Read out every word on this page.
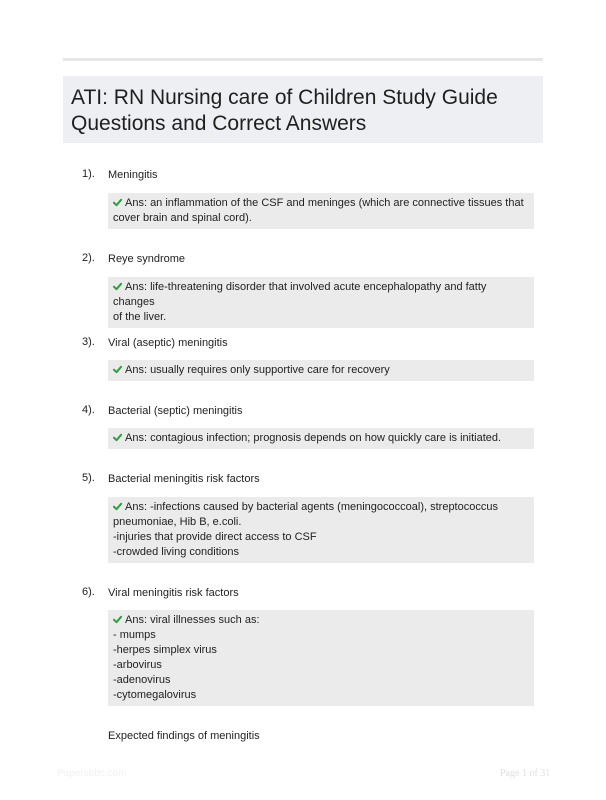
ATI: RN Nursing care of Children Study Guide
Questions and Correct Answers
1). Meningitis
Ans: an inflammation of the CSF and meninges (which are connective tissues that
cover brain and spinal cord).
2). Reye syndrome
Ans: life-threatening disorder that involved acute encephalopathy and fatty changes
of the liver.
3). Viral (aseptic) meningitis
Ans: usually requires only supportive care for recovery
4). Bacterial (septic) meningitis
Ans: contagious infection; prognosis depends on how quickly care is initiated.
5). Bacterial meningitis risk factors
Ans: -infections caused by bacterial agents (meningococcoal), streptococcus
pneumoniae, Hib B, e.coli.
-injuries that provide direct access to CSF
-crowded living conditions
6). Viral meningitis risk factors
Ans: viral illnesses such as:
- mumps
-herpes simplex virus
-arbovirus
-adenovirus
-cytomegalovirus
Expected findings of meningitis
Papersbbc.com	Page 1 of 31
